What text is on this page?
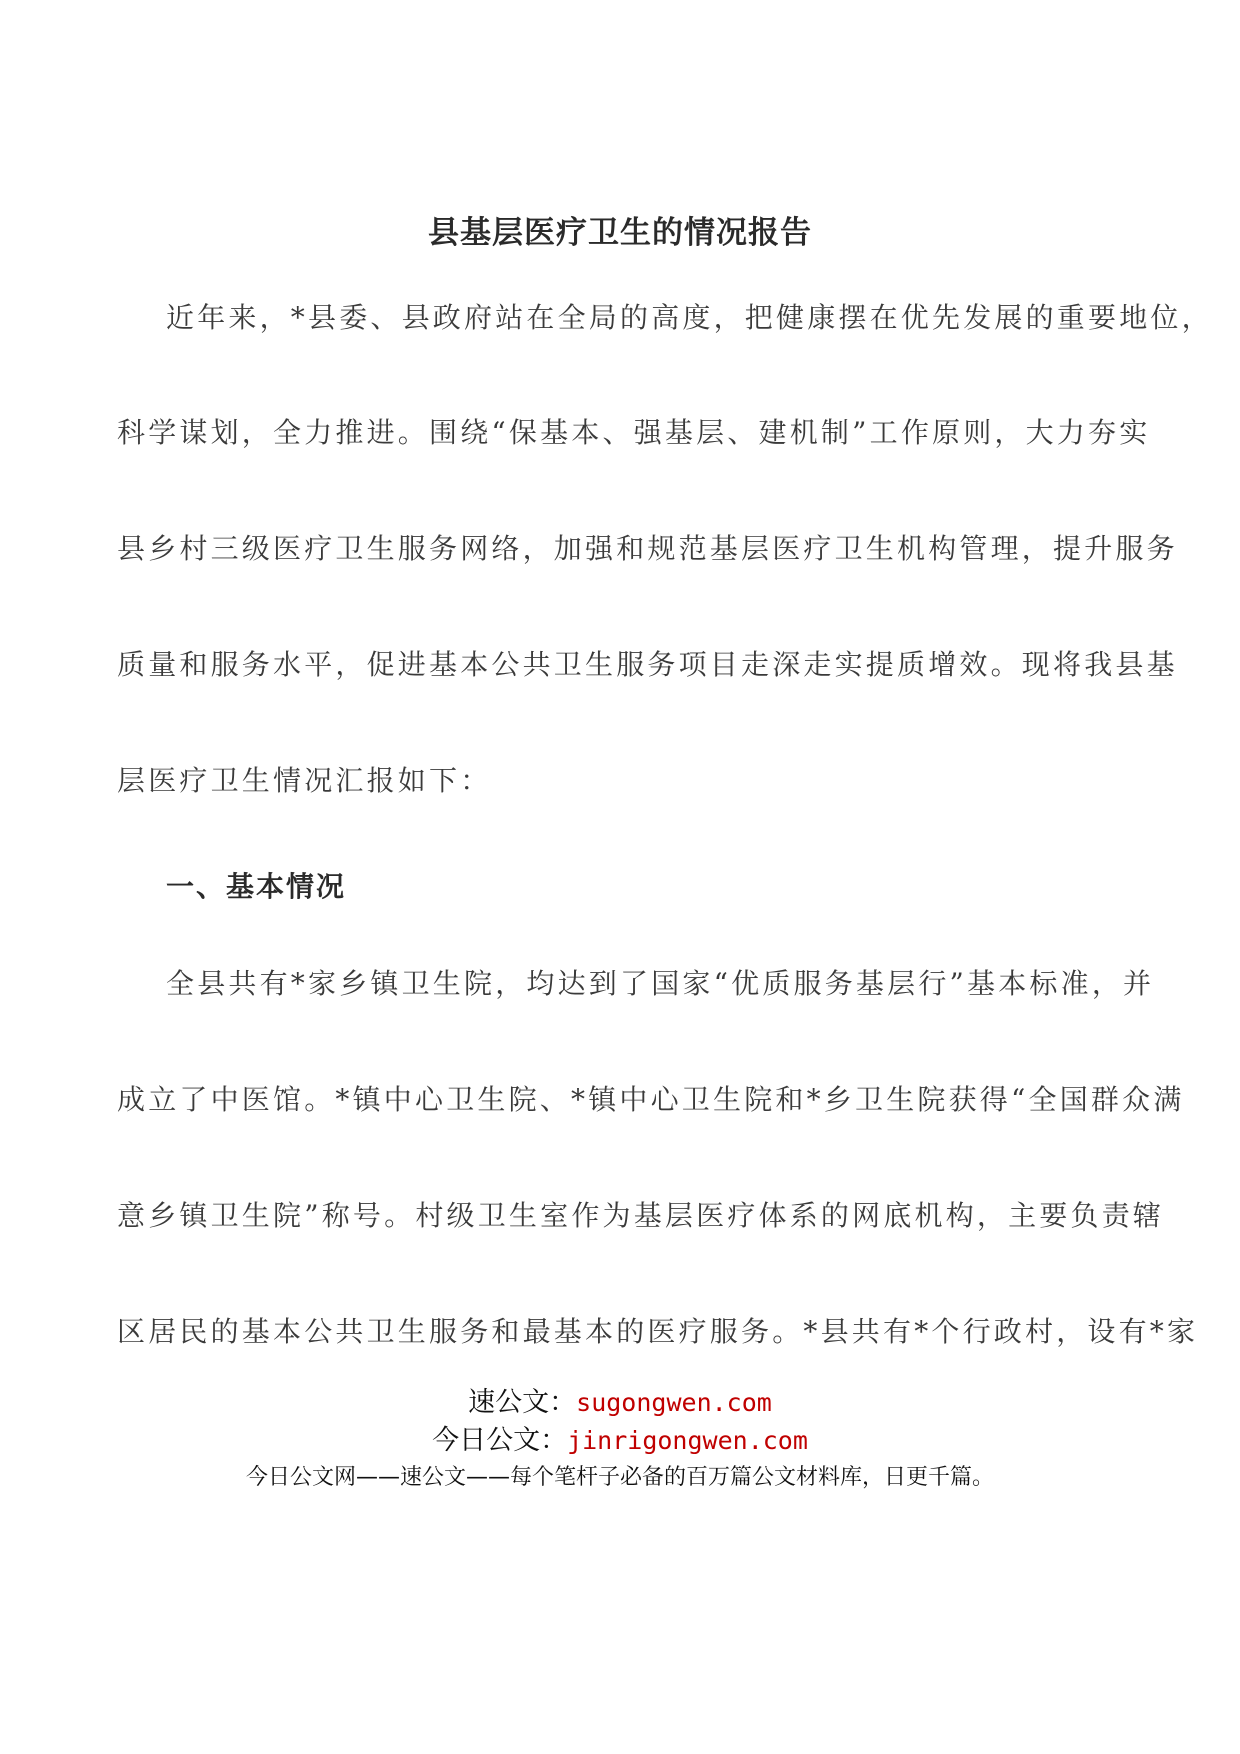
县基层医疗卫生的情况报告
近年来，*县委、县政府站在全局的高度，把健康摆在优先发展的重要地位，
科学谋划，全力推进。围绕“保基本、强基层、建机制”工作原则，大力夯实
县乡村三级医疗卫生服务网络，加强和规范基层医疗卫生机构管理，提升服务
质量和服务水平，促进基本公共卫生服务项目走深走实提质增效。现将我县基
层医疗卫生情况汇报如下：
一、基本情况
全县共有*家乡镇卫生院，均达到了国家“优质服务基层行”基本标准，并
成立了中医馆。*镇中心卫生院、*镇中心卫生院和*乡卫生院获得“全国群众满
意乡镇卫生院”称号。村级卫生室作为基层医疗体系的网底机构，主要负责辖
区居民的基本公共卫生服务和最基本的医疗服务。*县共有*个行政村，设有*家
速公文：sugongwen.com
今日公文：jinrigongwen.com
今日公文网——速公文——每个笔杆子必备的百万篇公文材料库，日更千篇。
